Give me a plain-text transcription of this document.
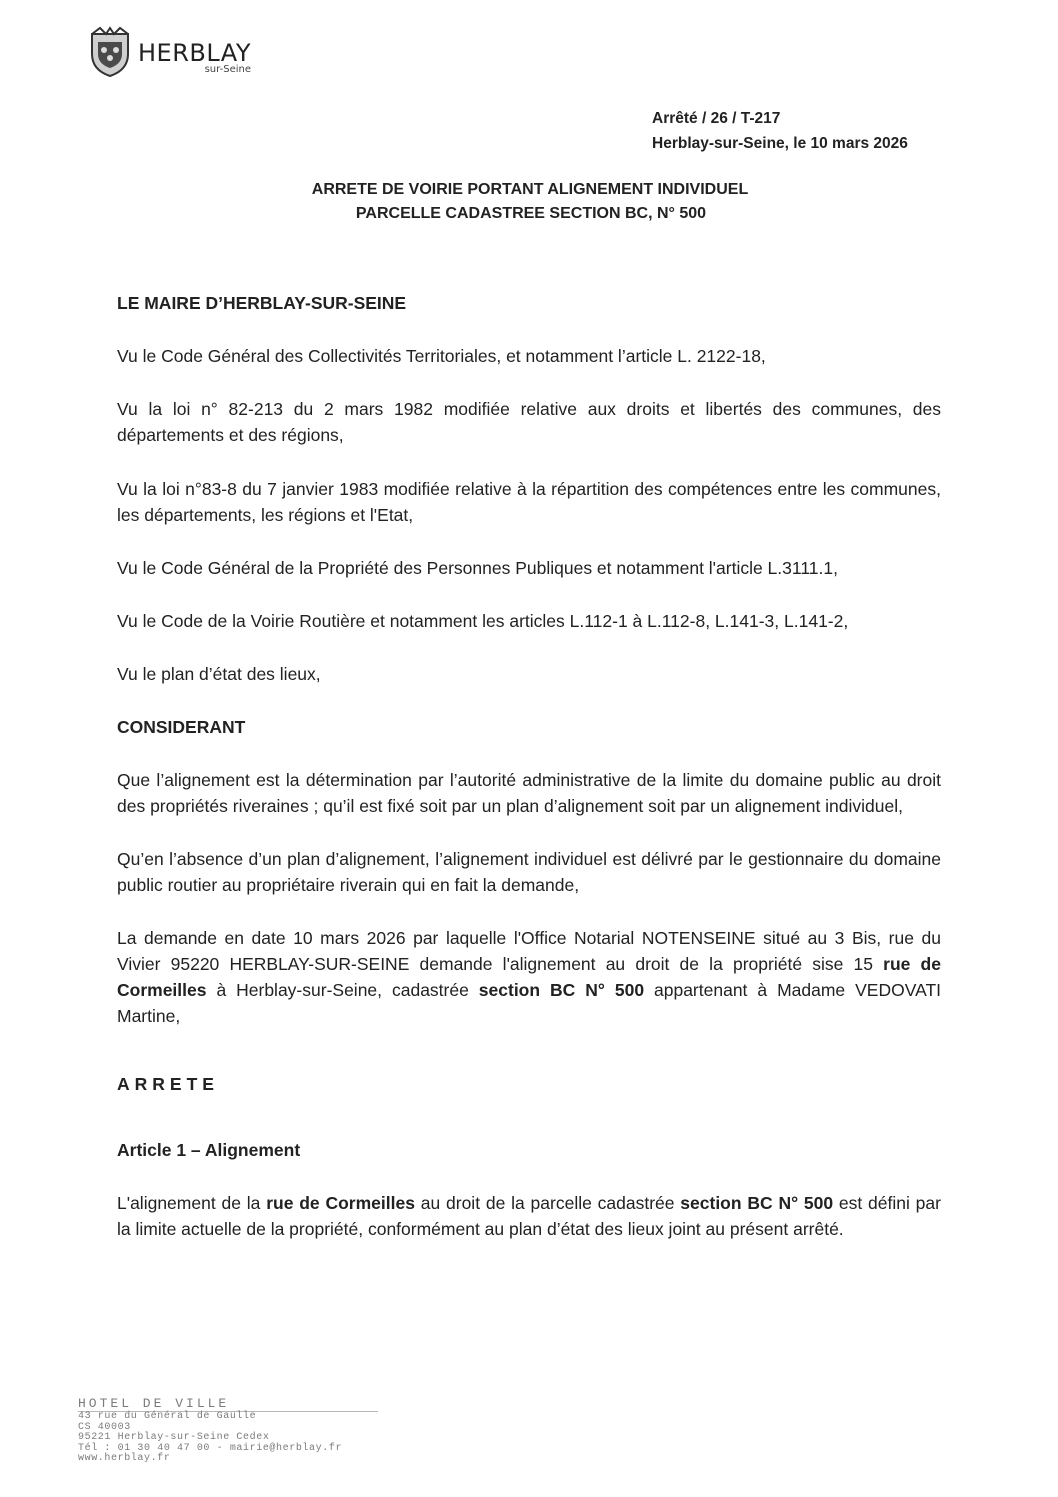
HERBLAY
sur-Seine
Arrêté / 26 / T-217
Herblay-sur-Seine, le 10 mars 2026
ARRETE DE VOIRIE PORTANT ALIGNEMENT INDIVIDUEL
PARCELLE CADASTREE SECTION BC, N° 500

LE MAIRE D’HERBLAY-SUR-SEINE

Vu le Code Général des Collectivités Territoriales, et notamment l’article L. 2122-18,

Vu la loi n° 82-213 du 2 mars 1982 modifiée relative aux droits et libertés des communes, des départements et des régions,

Vu la loi n°83-8 du 7 janvier 1983 modifiée relative à la répartition des compétences entre les communes, les départements, les régions et l'Etat,

Vu le Code Général de la Propriété des Personnes Publiques et notamment l'article L.3111.1,

Vu le Code de la Voirie Routière et notamment les articles L.112-1 à L.112-8, L.141-3, L.141-2,

Vu le plan d’état des lieux,

CONSIDERANT

Que l’alignement est la détermination par l’autorité administrative de la limite du domaine public au droit des propriétés riveraines ; qu’il est fixé soit par un plan d’alignement soit par un alignement individuel,

Qu’en l’absence d’un plan d’alignement, l’alignement individuel est délivré par le gestionnaire du domaine public routier au propriétaire riverain qui en fait la demande,

La demande en date 10 mars 2026 par laquelle l'Office Notarial NOTENSEINE situé au 3 Bis, rue du Vivier 95220 HERBLAY-SUR-SEINE demande l'alignement au droit de la propriété sise 15 rue de Cormeilles à Herblay-sur-Seine, cadastrée section BC N° 500 appartenant à Madame VEDOVATI Martine,

ARRETE

Article 1 – Alignement

L'alignement de la rue de Cormeilles au droit de la parcelle cadastrée section BC N° 500 est défini par la limite actuelle de la propriété, conformément au plan d’état des lieux joint au présent arrêté.

HOTEL DE VILLE
43 rue du Général de Gaulle
CS 40003
95221 Herblay-sur-Seine Cedex
Tél : 01 30 40 47 00 - mairie@herblay.fr
www.herblay.fr
